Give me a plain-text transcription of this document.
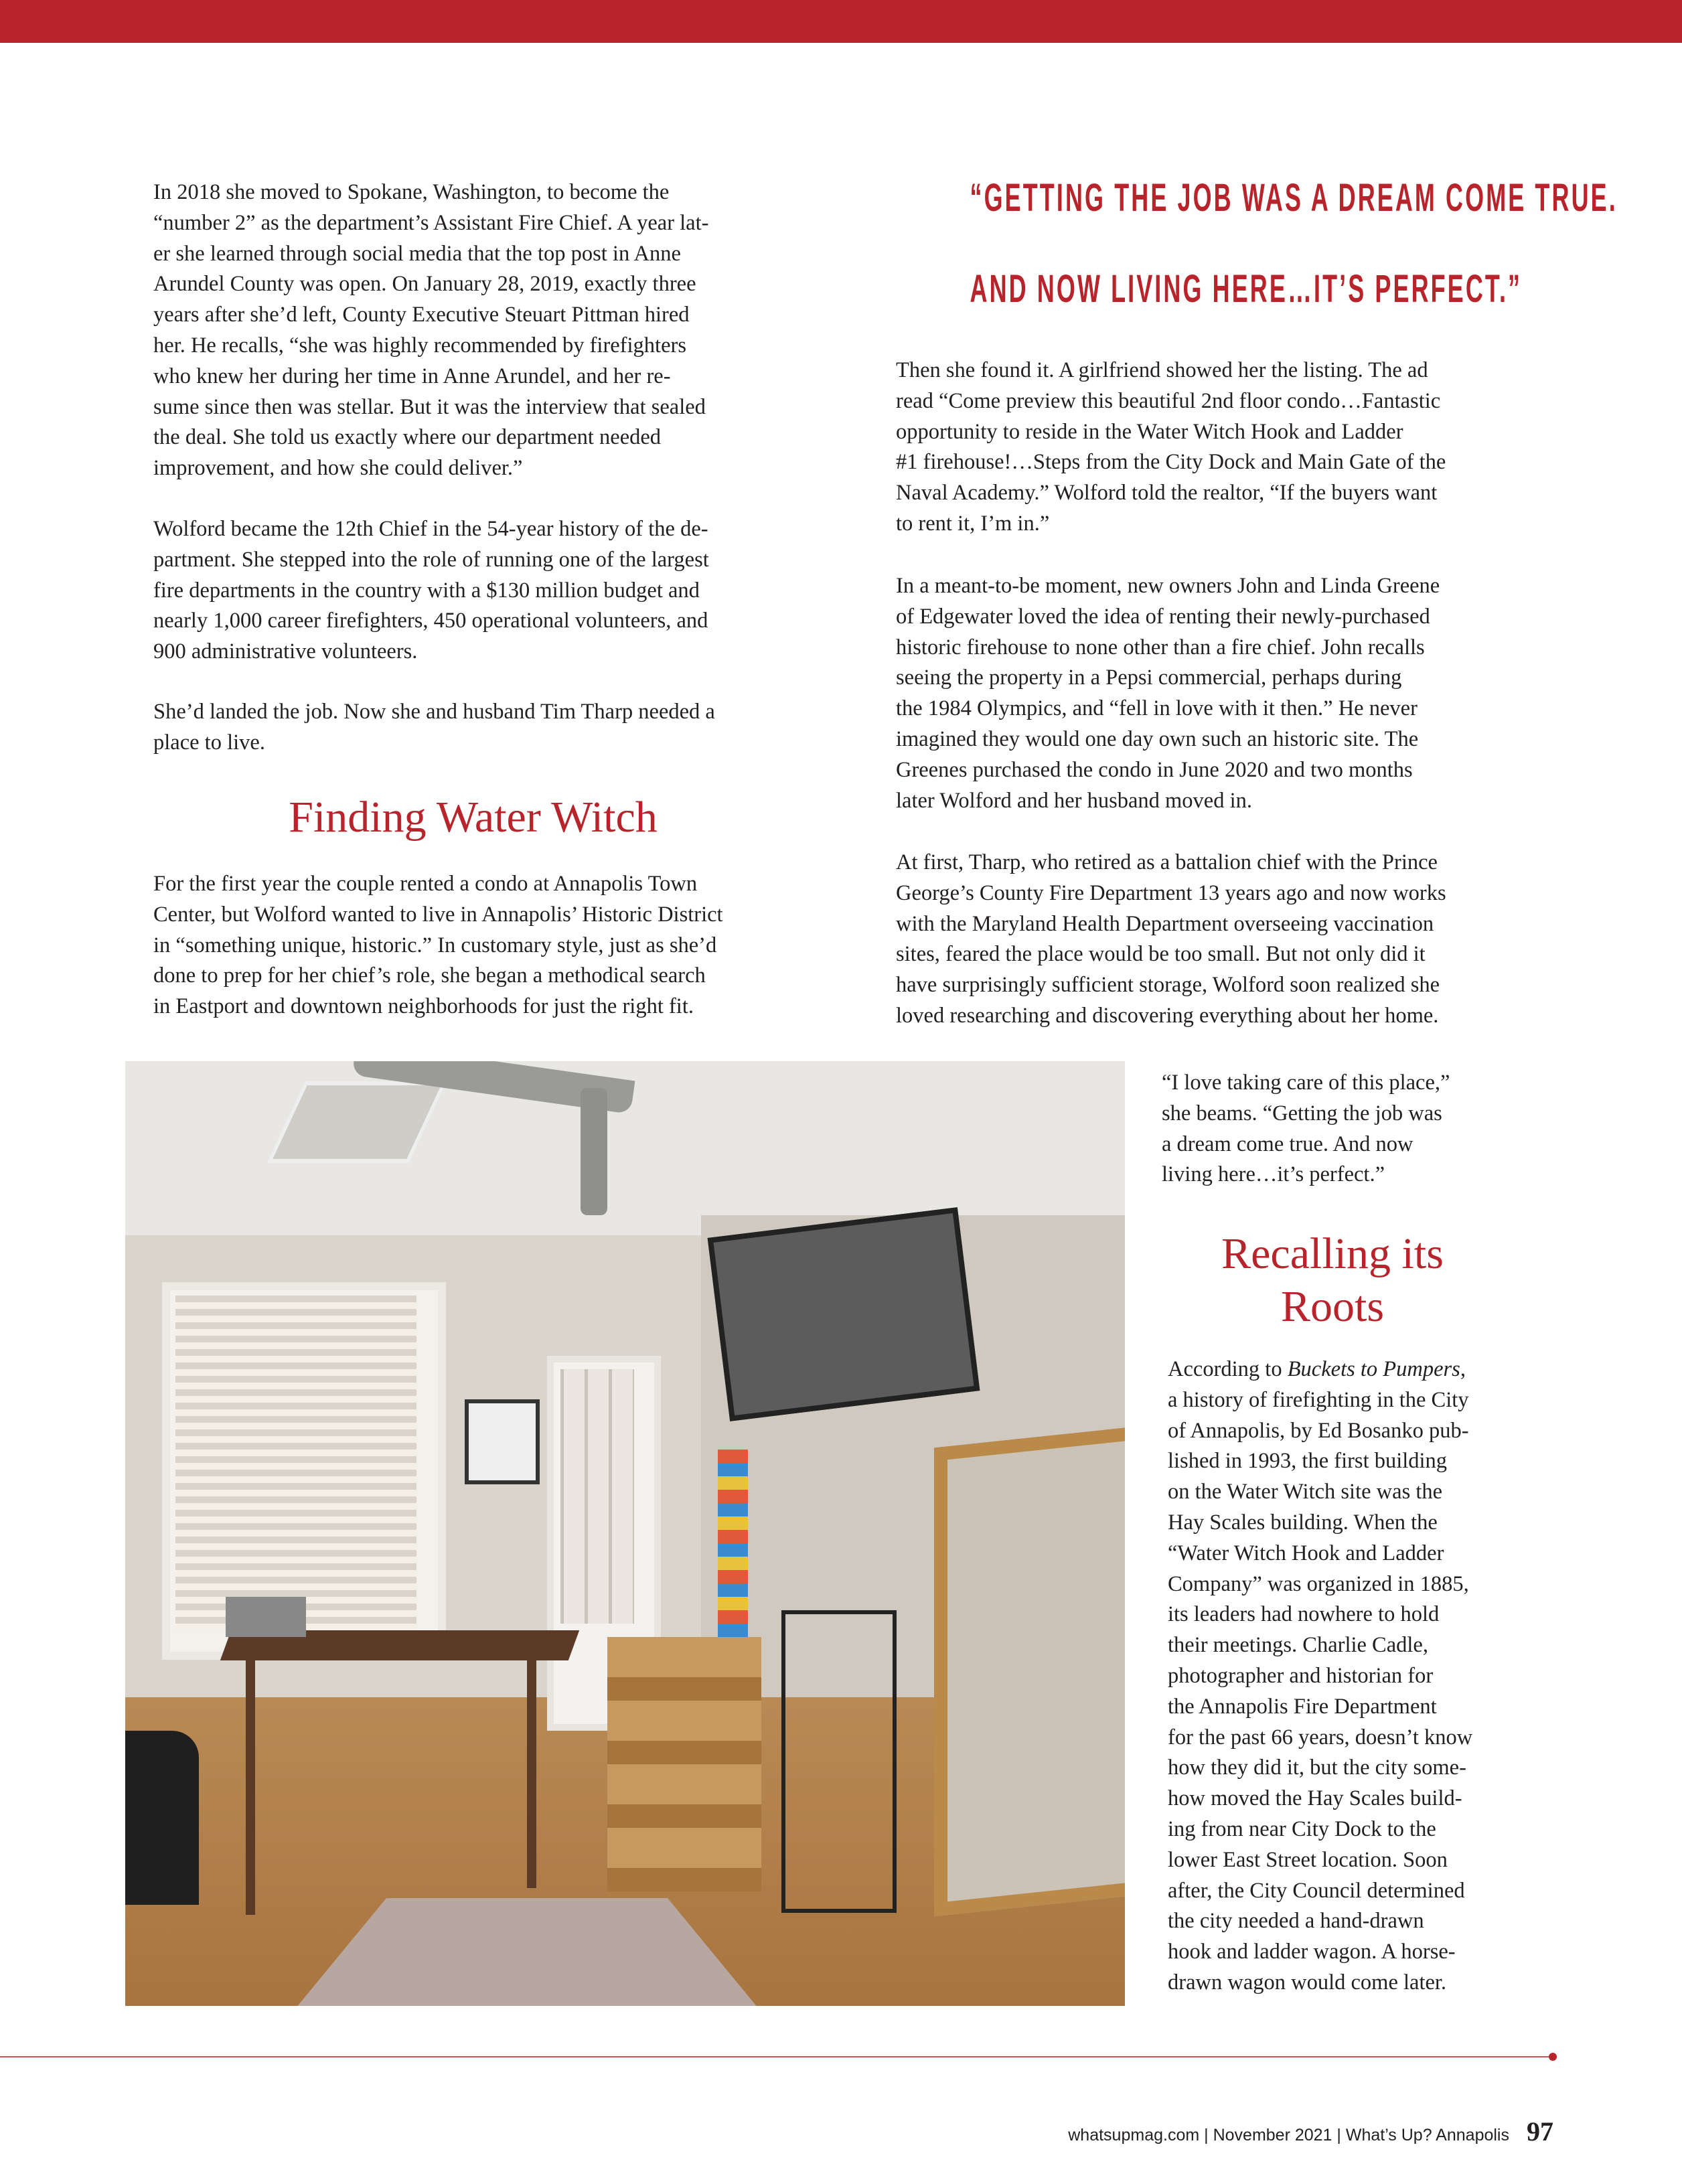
In 2018 she moved to Spokane, Washington, to become the
“number 2” as the department’s Assistant Fire Chief. A year lat-
er she learned through social media that the top post in Anne
Arundel County was open. On January 28, 2019, exactly three
years after she’d left, County Executive Steuart Pittman hired
her. He recalls, “she was highly recommended by firefighters
who knew her during her time in Anne Arundel, and her re-
sume since then was stellar. But it was the interview that sealed
the deal. She told us exactly where our department needed
improvement, and how she could deliver.”
Wolford became the 12th Chief in the 54-year history of the de-
partment. She stepped into the role of running one of the largest
fire departments in the country with a $130 million budget and
nearly 1,000 career firefighters, 450 operational volunteers, and
900 administrative volunteers.
She’d landed the job. Now she and husband Tim Tharp needed a
place to live.
Finding Water Witch
For the first year the couple rented a condo at Annapolis Town
Center, but Wolford wanted to live in Annapolis’ Historic District
in “something unique, historic.” In customary style, just as she’d
done to prep for her chief’s role, she began a methodical search
in Eastport and downtown neighborhoods for just the right fit.
“GETTING THE JOB WAS A DREAM COME TRUE.
AND NOW LIVING HERE…IT’S PERFECT.”
Then she found it. A girlfriend showed her the listing. The ad
read “Come preview this beautiful 2nd floor condo…Fantastic
opportunity to reside in the Water Witch Hook and Ladder
#1 firehouse!…Steps from the City Dock and Main Gate of the
Naval Academy.” Wolford told the realtor, “If the buyers want
to rent it, I’m in.”
In a meant-to-be moment, new owners John and Linda Greene
of Edgewater loved the idea of renting their newly-purchased
historic firehouse to none other than a fire chief. John recalls
seeing the property in a Pepsi commercial, perhaps during
the 1984 Olympics, and “fell in love with it then.” He never
imagined they would one day own such an historic site. The
Greenes purchased the condo in June 2020 and two months
later Wolford and her husband moved in.
At first, Tharp, who retired as a battalion chief with the Prince
George’s County Fire Department 13 years ago and now works
with the Maryland Health Department overseeing vaccination
sites, feared the place would be too small. But not only did it
have surprisingly sufficient storage, Wolford soon realized she
loved researching and discovering everything about her home.
“I love taking care of this place,”
she beams. “Getting the job was
a dream come true. And now
living here…it’s perfect.”
Recalling its
Roots
According to Buckets to Pumpers,
a history of firefighting in the City
of Annapolis, by Ed Bosanko pub-
lished in 1993, the first building
on the Water Witch site was the
Hay Scales building. When the
“Water Witch Hook and Ladder
Company” was organized in 1885,
its leaders had nowhere to hold
their meetings. Charlie Cadle,
photographer and historian for
the Annapolis Fire Department
for the past 66 years, doesn’t know
how they did it, but the city some-
how moved the Hay Scales build-
ing from near City Dock to the
lower East Street location. Soon
after, the City Council determined
the city needed a hand-drawn
hook and ladder wagon. A horse-
drawn wagon would come later.
whatsupmag.com | November 2021 | What’s Up? Annapolis 97
